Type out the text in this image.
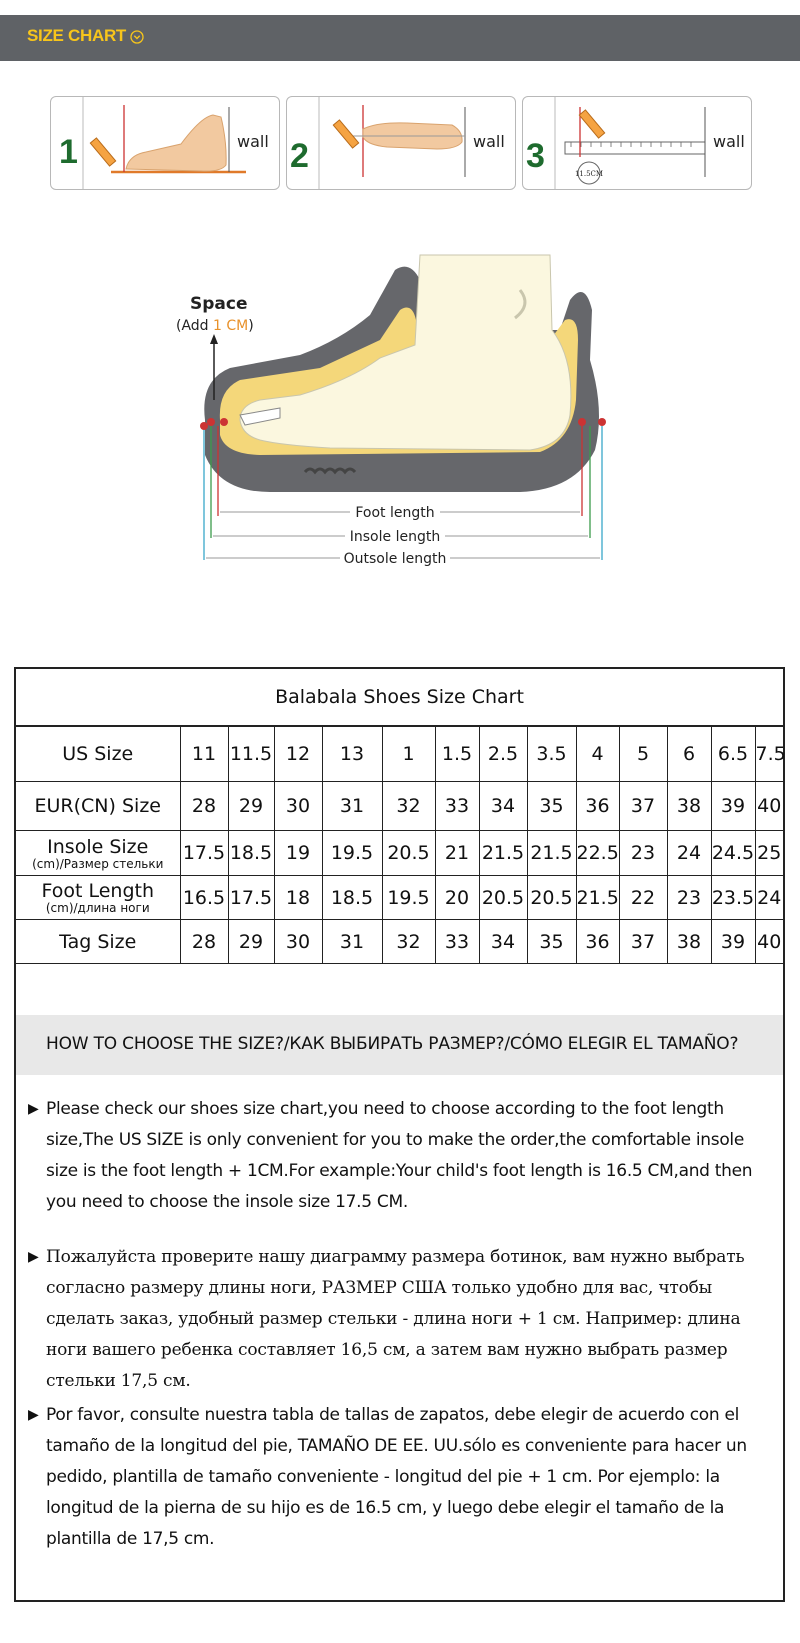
SIZE CHART
1	wall 2	wall 3	11.5CM
wall
Space
(Add 1 CM)
Foot length
Insole length
Outsole length
Balabala Shoes Size Chart
US Size	11	11.5	12	13	1	1.5	2.5	3.5	4	5	6	6.5	7.5
EUR(CN) Size	28	29	30	31	32	33	34	35	36	37	38	39	40
Insole Size
(cm)/Размер стельки	17.5	18.5	19	19.5	20.5	21	21.5	21.5	22.5	23	24	24.5	25
Foot Length
(cm)/длина ноги	16.5	17.5	18	18.5	19.5	20	20.5	20.5	21.5	22	23	23.5	24
Tag Size	28	29	30	31	32	33	34	35	36	37	38	39	40
HOW TO CHOOSE THE SIZE?/КАК ВЫБИРАТЬ РАЗМЕР?/CÓMO ELEGIR EL TAMAÑO?
▶ Please check our shoes size chart,you need to choose according to the foot length size,The US SIZE is only convenient for you to make the order,the comfortable insole size is the foot length + 1CM.For example:Your child's foot length is 16.5 CM,and then you need to choose the insole size 17.5 CM.
▶ Пожалуйста проверите нашу диаграмму размера ботинок, вам нужно выбрать согласно размеру длины ноги, РАЗМЕР США только удобно для вас, чтобы сделать заказ, удобный размер стельки - длина ноги + 1 см. Например: длина ноги вашего ребенка составляет 16,5 см, а затем вам нужно выбрать размер стельки 17,5 см.
▶ Por favor, consulte nuestra tabla de tallas de zapatos, debe elegir de acuerdo con el tamaño de la longitud del pie, TAMAÑO DE EE. UU.sólo es conveniente para hacer un pedido, plantilla de tamaño conveniente - longitud del pie + 1 cm. Por ejemplo: la longitud de la pierna de su hijo es de 16.5 cm, y luego debe elegir el tamaño de la plantilla de 17,5 cm.
